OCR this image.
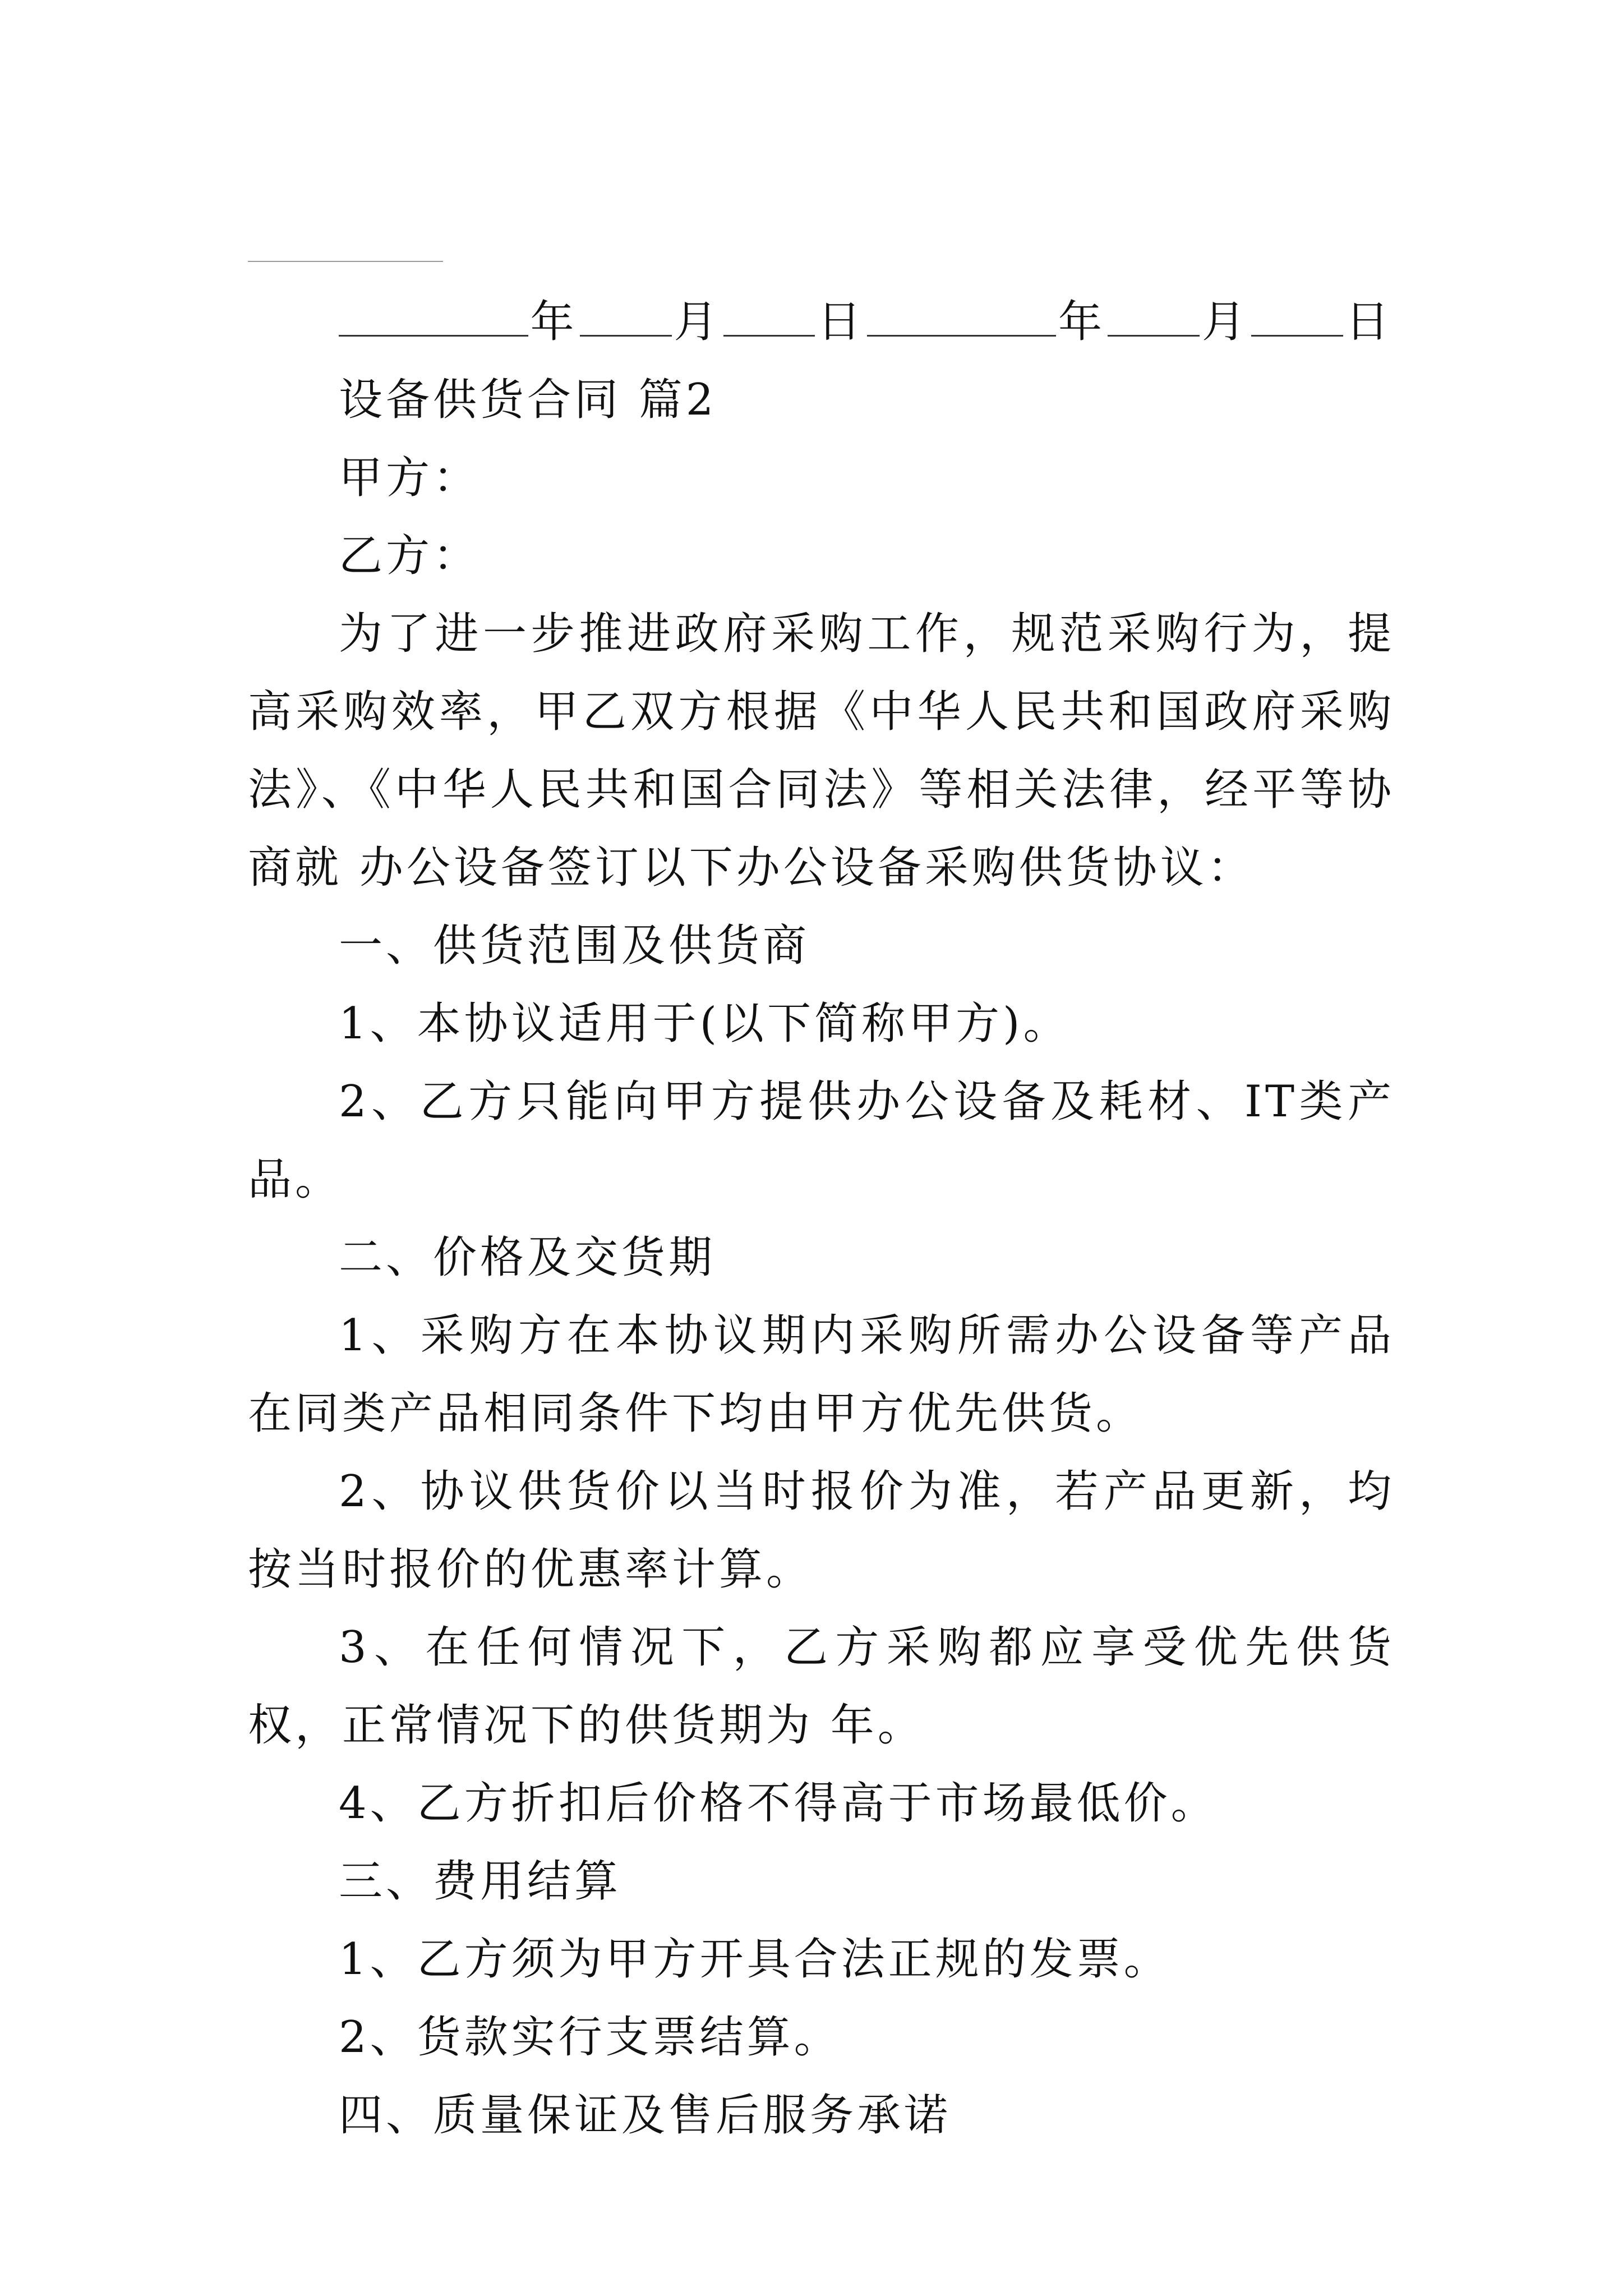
年 月 日	年 月 日
设备供货合同 篇2
甲方：
乙方：
为了进一步推进政府采购工作，规范采购行为，提高采购效率，甲乙双方根据《中华人民共和国政府采购法》、《中华人民共和国合同法》等相关法律，经平等协商就 办公设备签订以下办公设备采购供货协议：
一、供货范围及供货商
1、本协议适用于(以下简称甲方)。
2、乙方只能向甲方提供办公设备及耗材、IT类产品。
二、价格及交货期
1、采购方在本协议期内采购所需办公设备等产品在同类产品相同条件下均由甲方优先供货。
2、协议供货价以当时报价为准，若产品更新，均按当时报价的优惠率计算。
3、在任何情况下，乙方采购都应享受优先供货权，正常情况下的供货期为 年。
4、乙方折扣后价格不得高于市场最低价。
三、费用结算
1、乙方须为甲方开具合法正规的发票。
2、货款实行支票结算。
四、质量保证及售后服务承诺
